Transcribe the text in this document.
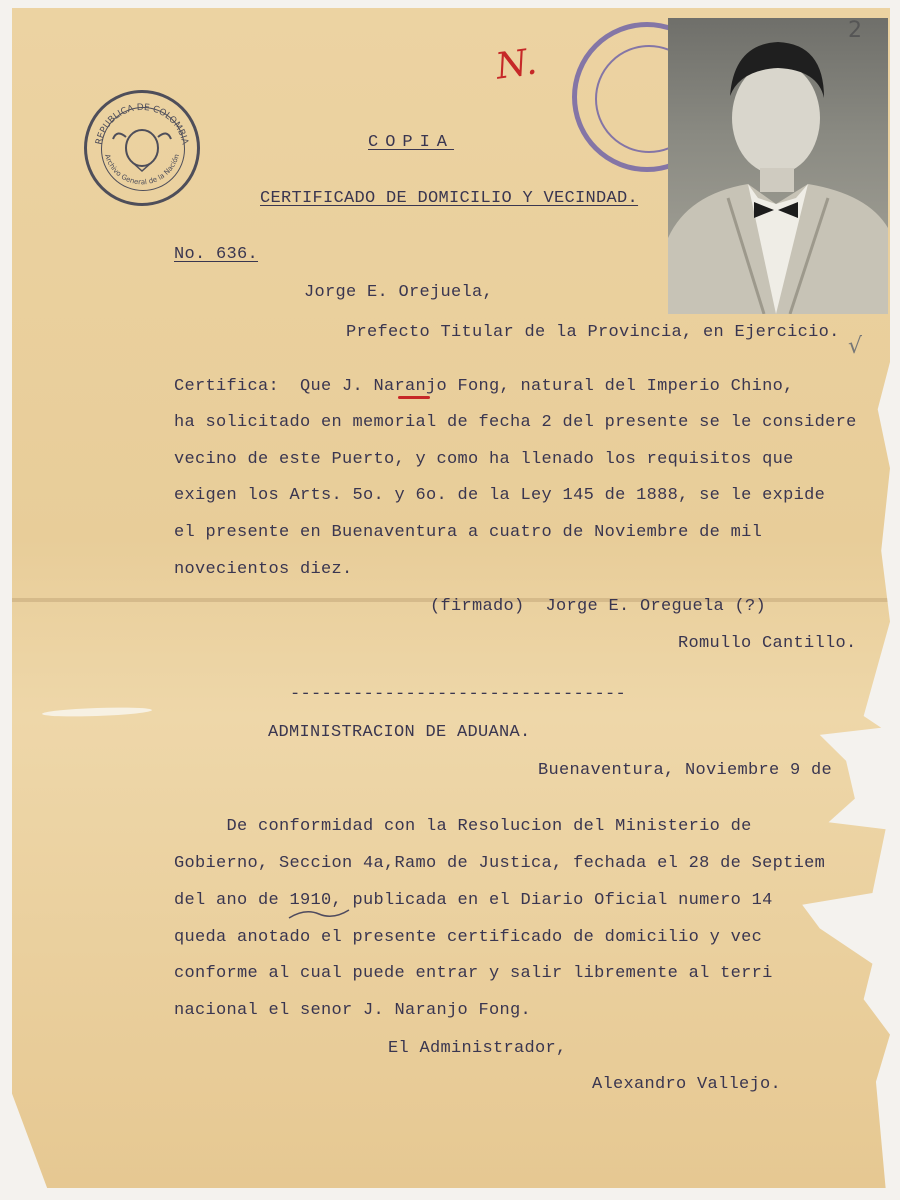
REPUBLICA DE COLOMBIA
Archivo General de la Nación
N.
2
√
COPIA
CERTIFICADO DE DOMICILIO Y VECINDAD.
No. 636.
Jorge E. Orejuela,
Prefecto Titular de la Provincia, en Ejercicio.
Certifica:  Que J. Naranjo Fong, natural del Imperio Chino,
ha solicitado en memorial de fecha 2 del presente se le considere
vecino de este Puerto, y como ha llenado los requisitos que
exigen los Arts. 5o. y 6o. de la Ley 145 de 1888, se le expide
el presente en Buenaventura a cuatro de Noviembre de mil
novecientos diez.
(firmado)  Jorge E. Oreguela (?)
Romullo Cantillo.
--------------------------------
ADMINISTRACION DE ADUANA.
Buenaventura, Noviembre 9 de
De conformidad con la Resolucion del Ministerio de
Gobierno, Seccion 4a,Ramo de Justica, fechada el 28 de Septiem
del ano de 1910, publicada en el Diario Oficial numero 14
queda anotado el presente certificado de domicilio y vec
conforme al cual puede entrar y salir libremente al terri
nacional el senor J. Naranjo Fong.
El Administrador,
Alexandro Vallejo.
